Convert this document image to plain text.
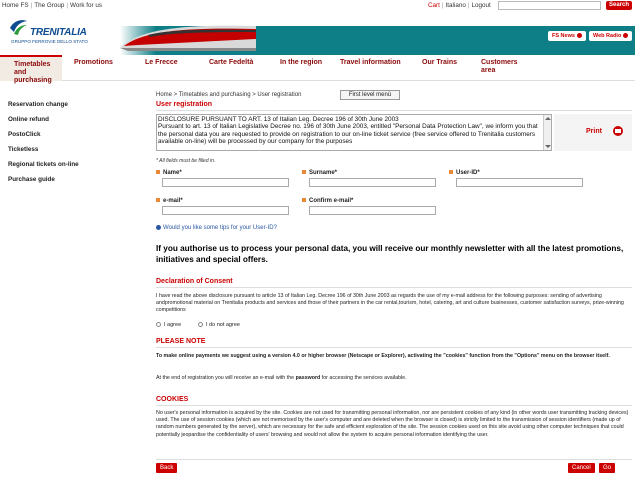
Home FS | The Group | Work for us	Cart | Italiano | Logout	Search
TRENITALIA
GRUPPO FERROVIE DELLO STATO
FS News	Web Radio
Timetables and purchasing
Promotions	Le Frecce	Carte Fedeltà	In the region	Travel information	Our Trains	Customers area
Reservation change
Online refund
PostoClick
Ticketless
Regional tickets on-line
Purchase guide
Home > Timetables and purchasing > User registration	First level menù
User registration
DISCLOSURE PURSUANT TO ART. 13 of Italian Leg. Decree 196 of 30th June 2003
Pursuant to art. 13 of Italian Legislative Decree no. 196 of 30th June 2003, entitled "Personal Data Protection Law", we inform you that the personal data you are requested to provide on registration to our on-line ticket service (free service offered to Trenitalia customers available on-line) will be processed by our company for the purposes
Print
* All fields must be filled in.
Name*	Surname*	User-ID*
e-mail*	Confirm e-mail*
Would you like some tips for your User-ID?
If you authorise us to process your personal data, you will receive our monthly newsletter with all the latest promotions, initiatives and special offers.
Declaration of Consent
I have read the above disclosure pursuant to article 13 of Italian Leg. Decree 196 of 30th June 2003 as regards the use of my e-mail address for the following purposes: sending of advertising andpromotional material on Trenitalia products and services and those of their partners in the car rental,tourism, hotel, catering, art and culture businesses, customer satisfaction surveys, prize-winning competitions
I agree	I do not agree
PLEASE NOTE
To make online payments we suggest using a version 4.0 or higher browser (Netscape or Explorer), activating the "cookies" function from the "Options" menu on the browser itself.
At the end of registration you will receive an e-mail with the password for accessing the services available.
COOKIES
No user's personal information is acquired by the site. Cookies are not used for transmitting personal information, nor are persistent cookies of any kind (in other words user transmitting tracking devices) used. The use of session cookies (which are not memorised by the user's computer and are deleted when the browser is closed) is strictly limited to the transmission of session identifiers (made up of random numbers generated by the server), which are necessary for the safe and efficient exploration of the site. The session cookies used on this site avoid using other computer techniques that could potentially jeopardise the confidentiality of users' browsing and would not allow the system to acquire personal information identifying the user.
Back	Cancel	Go
